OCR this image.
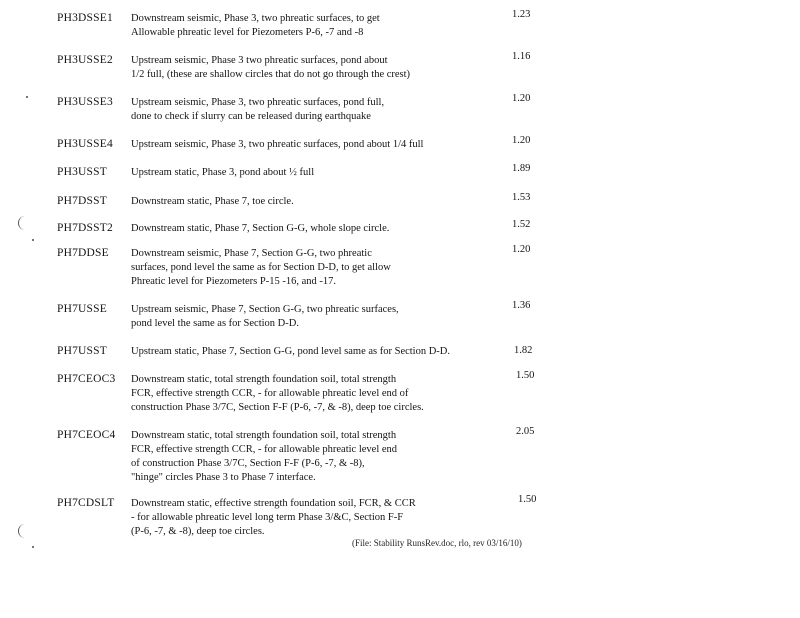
PH3DSSE1 Downstream seismic, Phase 3, two phreatic surfaces, to get
Allowable phreatic level for Piezometers P-6, -7 and -8
1.23
PH3USSE2 Upstream seismic, Phase 3 two phreatic surfaces, pond about
1/2 full, (these are shallow circles that do not go through the crest)
1.16
PH3USSE3 Upstream seismic, Phase 3, two phreatic surfaces, pond full,
done to check if slurry can be released during earthquake
1.20
PH3USSE4 Upstream seismic, Phase 3, two phreatic surfaces, pond about 1/4 full	1.20
PH3USST Upstream static, Phase 3, pond about ½ full	1.89
PH7DSST Downstream static, Phase 7, toe circle.	1.53
PH7DSST2 Downstream static, Phase 7, Section G-G, whole slope circle.	1.52
PH7DDSE Downstream seismic, Phase 7, Section G-G, two phreatic
surfaces, pond level the same as for Section D-D, to get allow
Phreatic level for Piezometers P-15 -16, and -17.
1.20
PH7USSE Upstream seismic, Phase 7, Section G-G, two phreatic surfaces,
pond level the same as for Section D-D.
1.36
PH7USST Upstream static, Phase 7, Section G-G, pond level same as for Section D-D.	1.82
PH7CEOC3 Downstream static, total strength foundation soil, total strength
FCR, effective strength CCR, - for allowable phreatic level end of
construction Phase 3/7C, Section F-F (P-6, -7, & -8), deep toe circles.
1.50
PH7CEOC4 Downstream static, total strength foundation soil, total strength
FCR, effective strength CCR, - for allowable phreatic level end
of construction Phase 3/7C, Section F-F (P-6, -7, & -8),
"hinge" circles Phase 3 to Phase 7 interface.
2.05
PH7CDSLT Downstream static, effective strength foundation soil, FCR, & CCR
- for allowable phreatic level long term Phase 3/&C, Section F-F
(P-6, -7, & -8), deep toe circles.
1.50
(File: Stability RunsRev.doc, rlo, rev 03/16/10)
